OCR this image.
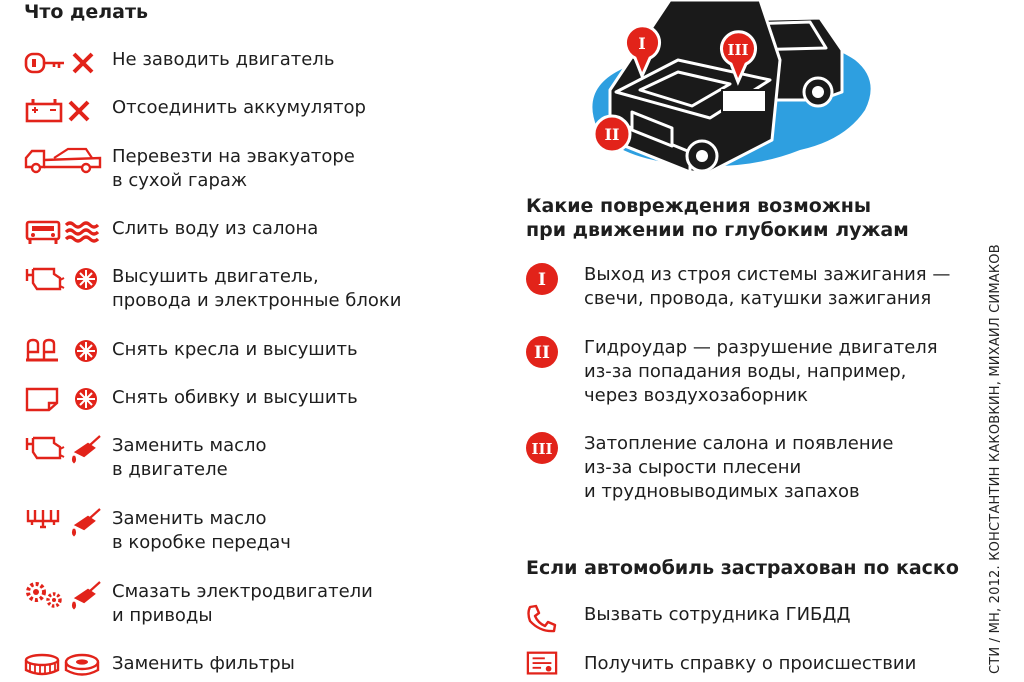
Что делать
Не заводить двигатель
Отсоединить аккумулятор
Перевезти на эвакуаторе
в сухой гараж
Слить воду из салона
Высушить двигатель,
провода и электронные блоки
Снять кресла и высушить
Снять обивку и высушить
Заменить масло
в двигателе
Заменить масло
в коробке передач
Смазать электродвигатели
и приводы
Заменить фильтры
I
II
III
Какие повреждения возможны
при движении по глубоким лужам
I Выход из строя системы зажигания —
свечи, провода, катушки зажигания
II Гидроудар — разрушение двигателя
из-за попадания воды, например,
через воздухозаборник
III Затопление салона и появление
из-за сырости плесени
и трудновыводимых запахов
Если автомобиль застрахован по каско
Вызвать сотрудника ГИБДД
Получить справку о происшествии	СТИ / МН, 2012. КОНСТАНТИН КАКОВКИН, МИХАИЛ СИМАКОВ
